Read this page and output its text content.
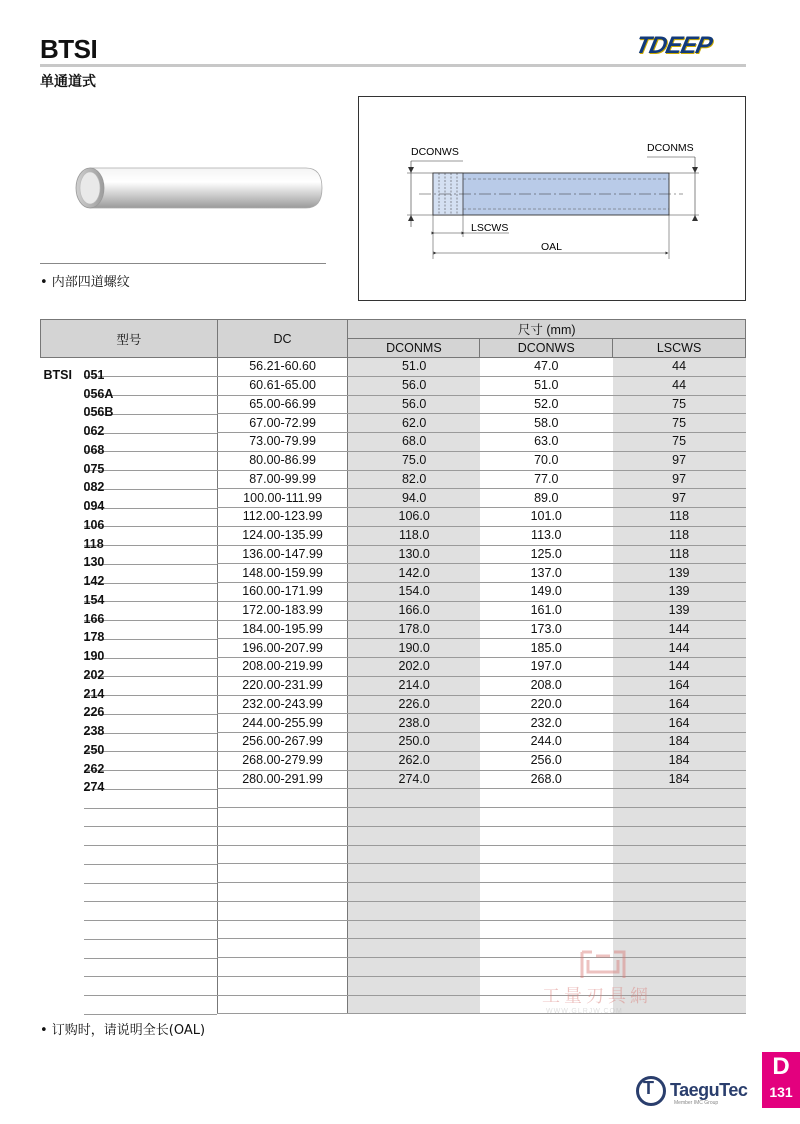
BTSI	TDEEP
单通道式
• 内部四道螺纹
DCONWS	DCONMS
LSCWS
OAL
型号	DC	尺寸 (mm)		
		DCONMS	DCONWS	LSCWS

BTSI 051	56.21-60.60	51.0	47.0	44

056A	60.61-65.00	56.0	51.0	44

056B	65.00-66.99	56.0	52.0	75

062	67.00-72.99	62.0	58.0	75

068	73.00-79.99	68.0	63.0	75

075	80.00-86.99	75.0	70.0	97

082	87.00-99.99	82.0	77.0	97

094	100.00-111.99	94.0	89.0	97

106	112.00-123.99	106.0	101.0	118

118	124.00-135.99	118.0	113.0	118

130	136.00-147.99	130.0	125.0	118

142	148.00-159.99	142.0	137.0	139

154	160.00-171.99	154.0	149.0	139

166	172.00-183.99	166.0	161.0	139

178	184.00-195.99	178.0	173.0	144

190	196.00-207.99	190.0	185.0	144

202	208.00-219.99	202.0	197.0	144

214	220.00-231.99	214.0	208.0	164

226	232.00-243.99	226.0	220.0	164

238	244.00-255.99	238.0	232.0	164

250	256.00-267.99	250.0	244.0	184

262	268.00-279.99	262.0	256.0	184

274	280.00-291.99	274.0	268.0	184

• 订购时，请说明全长(OAL)
工量刃具網
WWW.GLRJW.COM
T TaeguTec
Member IMC Group
D
131
